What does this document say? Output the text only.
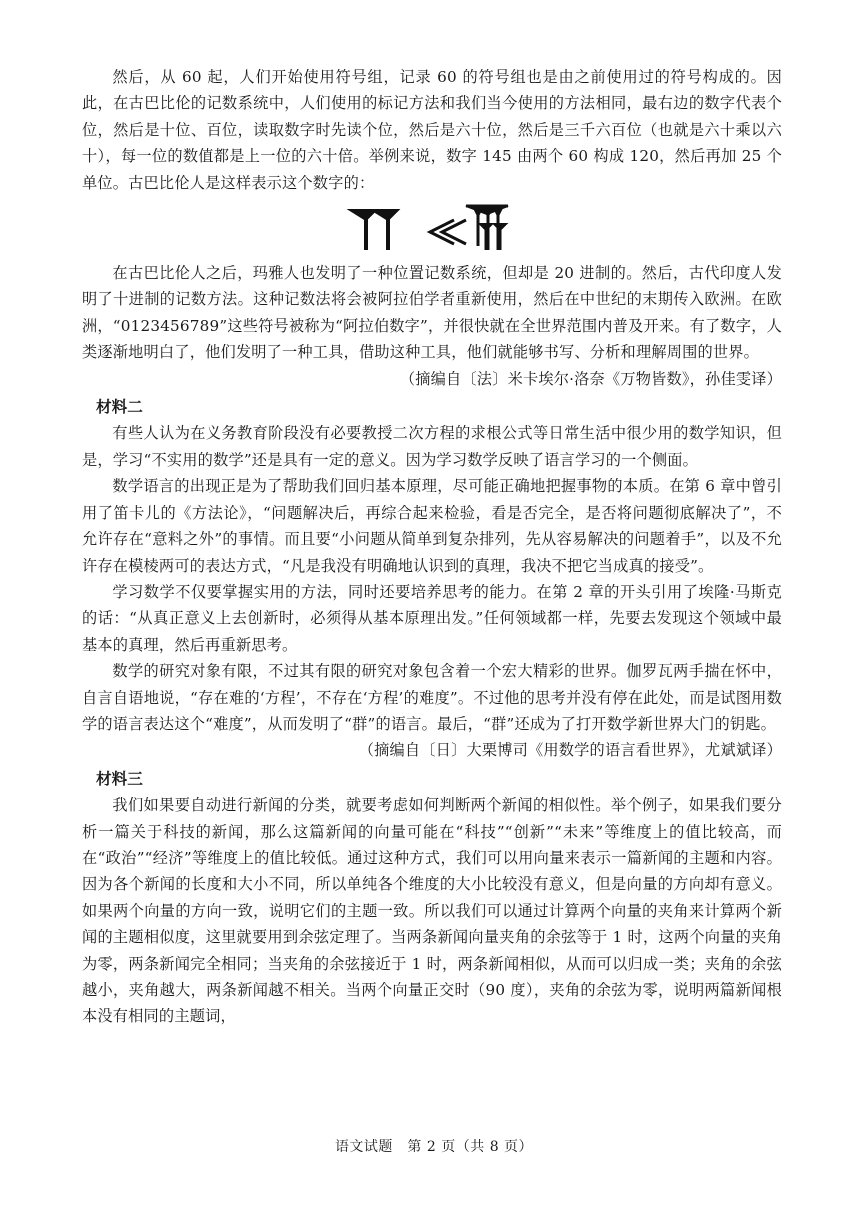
然后，从 60 起，人们开始使用符号组，记录 60 的符号组也是由之前使用过的符号构成的。因此，在古巴比伦的记数系统中，人们使用的标记方法和我们当今使用的方法相同，最右边的数字代表个位，然后是十位、百位，读取数字时先读个位，然后是六十位，然后是三千六百位（也就是六十乘以六十），每一位的数值都是上一位的六十倍。举例来说，数字 145 由两个 60 构成 120，然后再加 25 个单位。古巴比伦人是这样表示这个数字的：

在古巴比伦人之后，玛雅人也发明了一种位置记数系统，但却是 20 进制的。然后，古代印度人发明了十进制的记数方法。这种记数法将会被阿拉伯学者重新使用，然后在中世纪的末期传入欧洲。在欧洲，“0123456789”这些符号被称为“阿拉伯数字”，并很快就在全世界范围内普及开来。有了数字，人类逐渐地明白了，他们发明了一种工具，借助这种工具，他们就能够书写、分析和理解周围的世界。

（摘编自〔法〕米卡埃尔·洛奈《万物皆数》，孙佳雯译）

材料二

有些人认为在义务教育阶段没有必要教授二次方程的求根公式等日常生活中很少用的数学知识，但是，学习“不实用的数学”还是具有一定的意义。因为学习数学反映了语言学习的一个侧面。

数学语言的出现正是为了帮助我们回归基本原理，尽可能正确地把握事物的本质。在第 6 章中曾引用了笛卡儿的《方法论》，“问题解决后，再综合起来检验，看是否完全，是否将问题彻底解决了”，不允许存在“意料之外”的事情。而且要“小问题从简单到复杂排列，先从容易解决的问题着手”，以及不允许存在模棱两可的表达方式，“凡是我没有明确地认识到的真理，我决不把它当成真的接受”。

学习数学不仅要掌握实用的方法，同时还要培养思考的能力。在第 2 章的开头引用了埃隆·马斯克的话：“从真正意义上去创新时，必须得从基本原理出发。”任何领域都一样，先要去发现这个领域中最基本的真理，然后再重新思考。

数学的研究对象有限，不过其有限的研究对象包含着一个宏大精彩的世界。伽罗瓦两手揣在怀中，自言自语地说，“存在难的‘方程’，不存在‘方程’的难度”。不过他的思考并没有停在此处，而是试图用数学的语言表达这个“难度”，从而发明了“群”的语言。最后，“群”还成为了打开数学新世界大门的钥匙。

（摘编自〔日〕大栗博司《用数学的语言看世界》，尤斌斌译）

材料三

我们如果要自动进行新闻的分类，就要考虑如何判断两个新闻的相似性。举个例子，如果我们要分析一篇关于科技的新闻，那么这篇新闻的向量可能在“科技”“创新”“未来”等维度上的值比较高，而在“政治”“经济”等维度上的值比较低。通过这种方式，我们可以用向量来表示一篇新闻的主题和内容。因为各个新闻的长度和大小不同，所以单纯各个维度的大小比较没有意义，但是向量的方向却有意义。如果两个向量的方向一致，说明它们的主题一致。所以我们可以通过计算两个向量的夹角来计算两个新闻的主题相似度，这里就要用到余弦定理了。当两条新闻向量夹角的余弦等于 1 时，这两个向量的夹角为零，两条新闻完全相同；当夹角的余弦接近于 1 时，两条新闻相似，从而可以归成一类；夹角的余弦越小，夹角越大，两条新闻越不相关。当两个向量正交时（90 度），夹角的余弦为零，说明两篇新闻根本没有相同的主题词，

语文试题　第 2 页（共 8 页）
